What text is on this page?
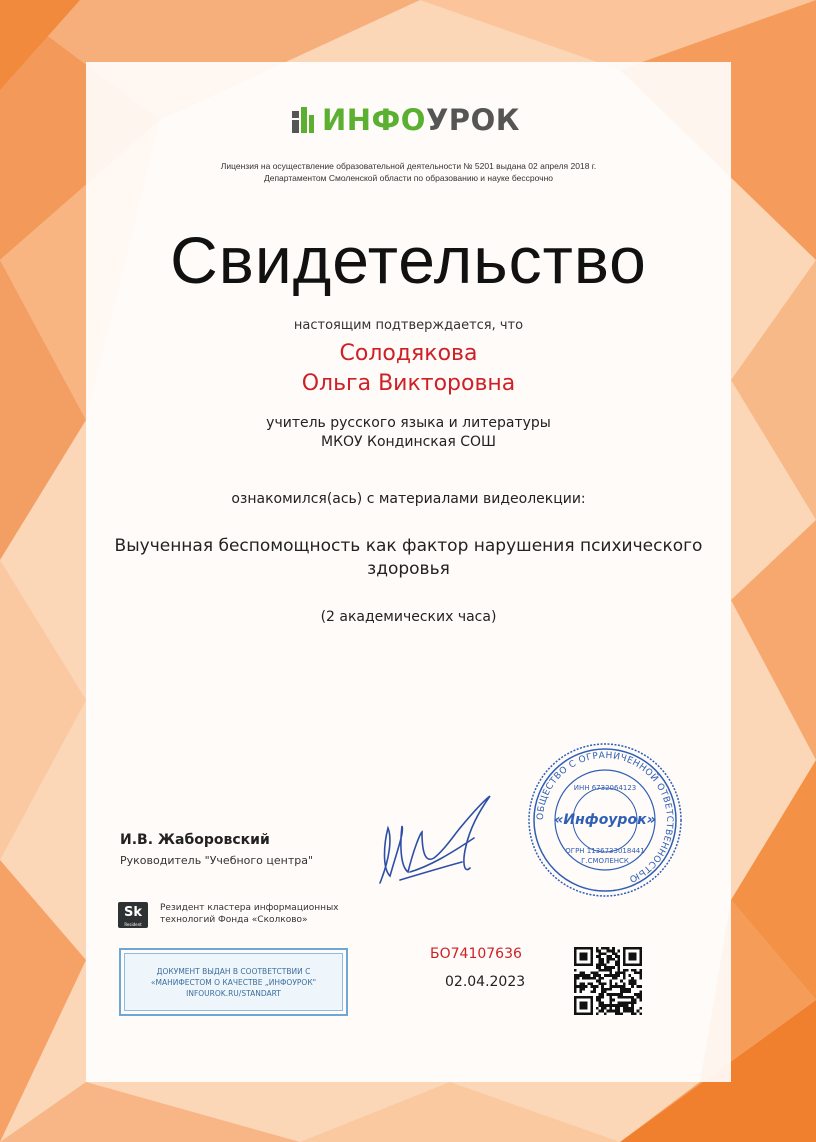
ИНФО УРОК
Лицензия на осуществление образовательной деятельности № 5201 выдана 02 апреля 2018 г.
Департаментом Смоленской области по образованию и науке бессрочно
Свидетельство
настоящим подтверждается, что
Солодякова
Ольга Викторовна
учитель русского языка и литературы
МКОУ Кондинская СОШ
ознакомился(ась) с материалами видеолекции:
Выученная беспомощность как фактор нарушения психического
здоровья
(2 академических часа)
И.В. Жаборовский
Руководитель "Учебного центра"
ОБЩЕСТВО С ОГРАНИЧЕННОЙ ОТВЕТСТВЕННОСТЬЮ
«Инфоурок»
ИНН 6732064123
ОГРН 1136733018441
Г.СМОЛЕНСК
Sk
Resident
Резидент кластера информационных
технологий Фонда «Сколково»
ДОКУМЕНТ ВЫДАН В СООТВЕТСТВИИ С
«МАНИФЕСТОМ О КАЧЕСТВЕ „ИНФОУРОК"
INFOUROK.RU/STANDART
БО74107636
02.04.2023
